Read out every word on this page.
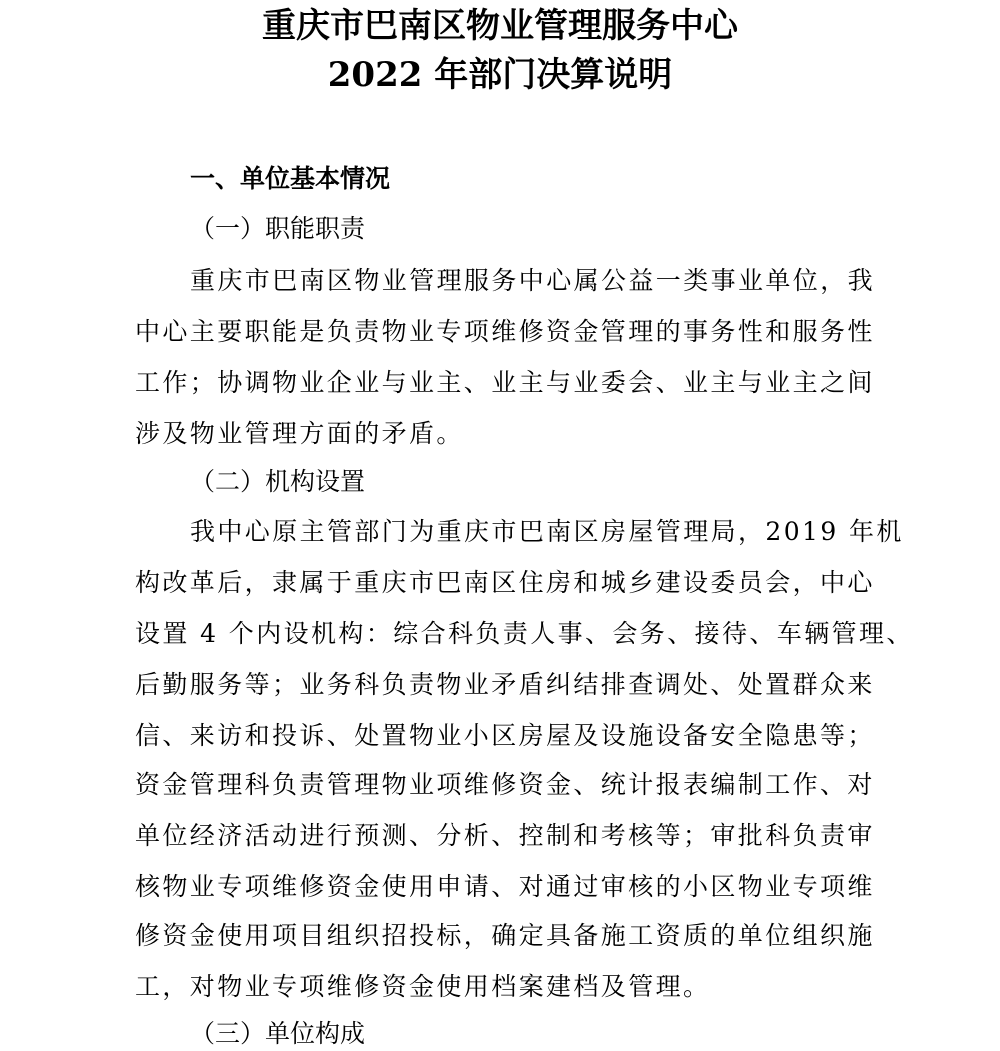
重庆市巴南区物业管理服务中心
2022 年部门决算说明
一、单位基本情况
（一）职能职责
重庆市巴南区物业管理服务中心属公益一类事业单位，我
中心主要职能是负责物业专项维修资金管理的事务性和服务性
工作；协调物业企业与业主、业主与业委会、业主与业主之间
涉及物业管理方面的矛盾。
（二）机构设置
我中心原主管部门为重庆市巴南区房屋管理局，2019 年机
构改革后，隶属于重庆市巴南区住房和城乡建设委员会，中心
设置 4 个内设机构：综合科负责人事、会务、接待、车辆管理、
后勤服务等；业务科负责物业矛盾纠结排查调处、处置群众来
信、来访和投诉、处置物业小区房屋及设施设备安全隐患等；
资金管理科负责管理物业项维修资金、统计报表编制工作、对
单位经济活动进行预测、分析、控制和考核等；审批科负责审
核物业专项维修资金使用申请、对通过审核的小区物业专项维
修资金使用项目组织招投标，确定具备施工资质的单位组织施
工，对物业专项维修资金使用档案建档及管理。
（三）单位构成
